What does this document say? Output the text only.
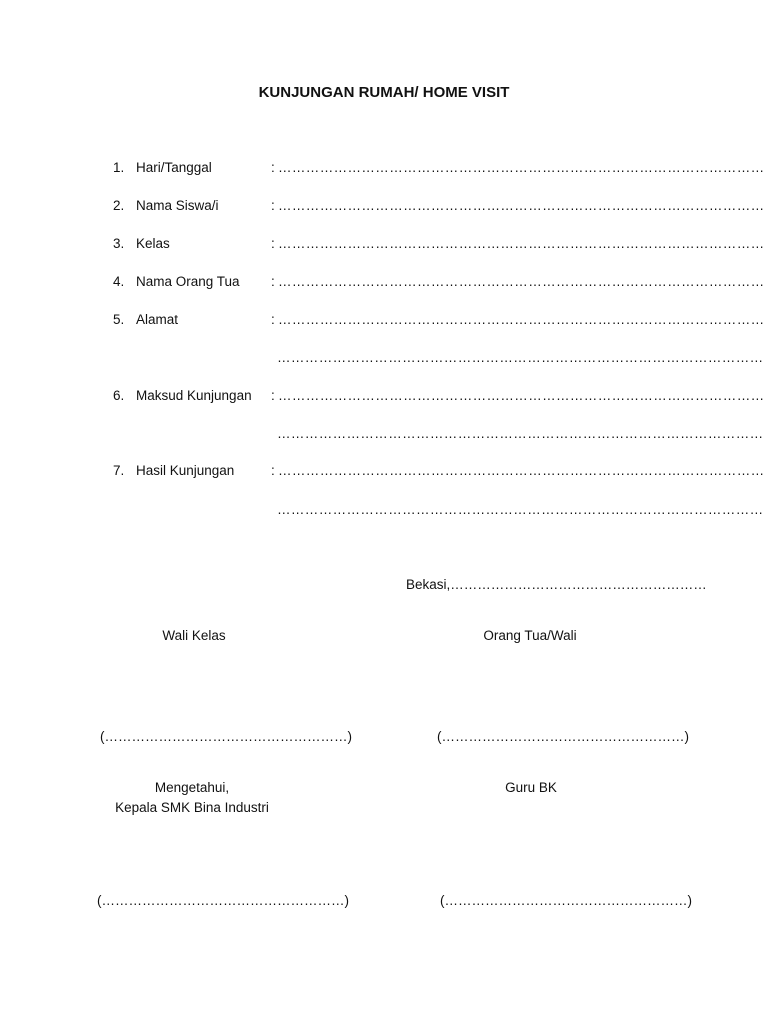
KUNJUNGAN RUMAH/ HOME VISIT
1. Hari/Tanggal	: ……………………………………………………………………………………………
2. Nama Siswa/i	: ……………………………………………………………………………………………
3. Kelas	: ……………………………………………………………………………………………
4. Nama Orang Tua : ……………………………………………………………………………………………
5. Alamat	: ……………………………………………………………………………………………
……………………………………………………………………………………………
6. Maksud Kunjungan : ……………………………………………………………………………………………
……………………………………………………………………………………………
7. Hasil Kunjungan	: ……………………………………………………………………………………………
……………………………………………………………………………………………
Bekasi,…………………………………………………
Wali Kelas	Orang Tua/Wali
(………………………………………………)	(………………………………………………)
Mengetahui,
Kepala SMK Bina Industri
Guru BK
(………………………………………………)	(………………………………………………)
